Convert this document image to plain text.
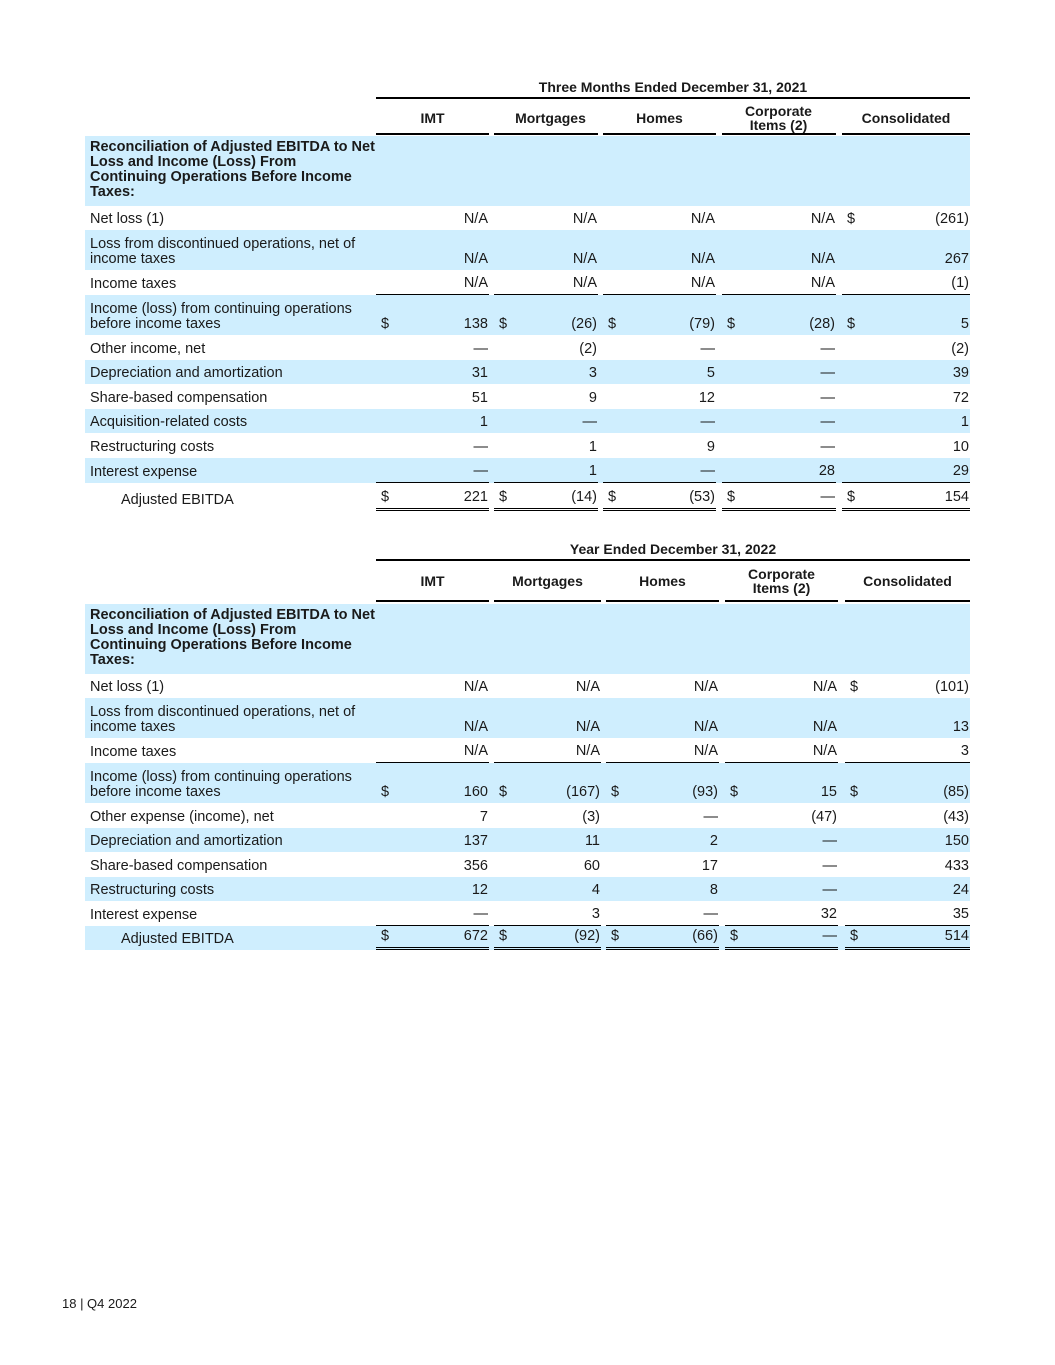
Three Months Ended December 31, 2021
IMT	Mortgages	Homes	Corporate Items (2)	Consolidated
Reconciliation of Adjusted EBITDA to Net Loss and Income (Loss) From Continuing Operations Before Income Taxes:
Net loss (1)	N/A	N/A	N/A	N/A $	(261)
Loss from discontinued operations, net of income taxes	N/A	N/A	N/A	N/A	267
Income taxes	N/A	N/A	N/A	N/A	(1)
Income (loss) from continuing operations before income taxes	$	138 $	(26) $	(79) $	(28) $	5
Other income, net	—	(2)	—	—	(2)
Depreciation and amortization	31	3	5	—	39
Share-based compensation	51	9	12	—	72
Acquisition-related costs	1	—	—	—	1
Restructuring costs	—	1	9	—	10
Interest expense	—	1	—	28	29
Adjusted EBITDA	$	221 $	(14) $	(53) $	— $	154
Year Ended December 31, 2022
IMT	Mortgages	Homes	Corporate Items (2)	Consolidated
Reconciliation of Adjusted EBITDA to Net Loss and Income (Loss) From Continuing Operations Before Income Taxes:
Net loss (1)	N/A	N/A	N/A	N/A $	(101)
Loss from discontinued operations, net of income taxes	N/A	N/A	N/A	N/A	13
Income taxes	N/A	N/A	N/A	N/A	3
Income (loss) from continuing operations before income taxes	$	160 $	(167) $	(93) $	15 $	(85)
Other expense (income), net	7	(3)	—	(47)	(43)
Depreciation and amortization	137	11	2	—	150
Share-based compensation	356	60	17	—	433
Restructuring costs	12	4	8	—	24
Interest expense	—	3	—	32	35
Adjusted EBITDA	$	672 $	(92) $	(66) $	— $	514
18 | Q4 2022
